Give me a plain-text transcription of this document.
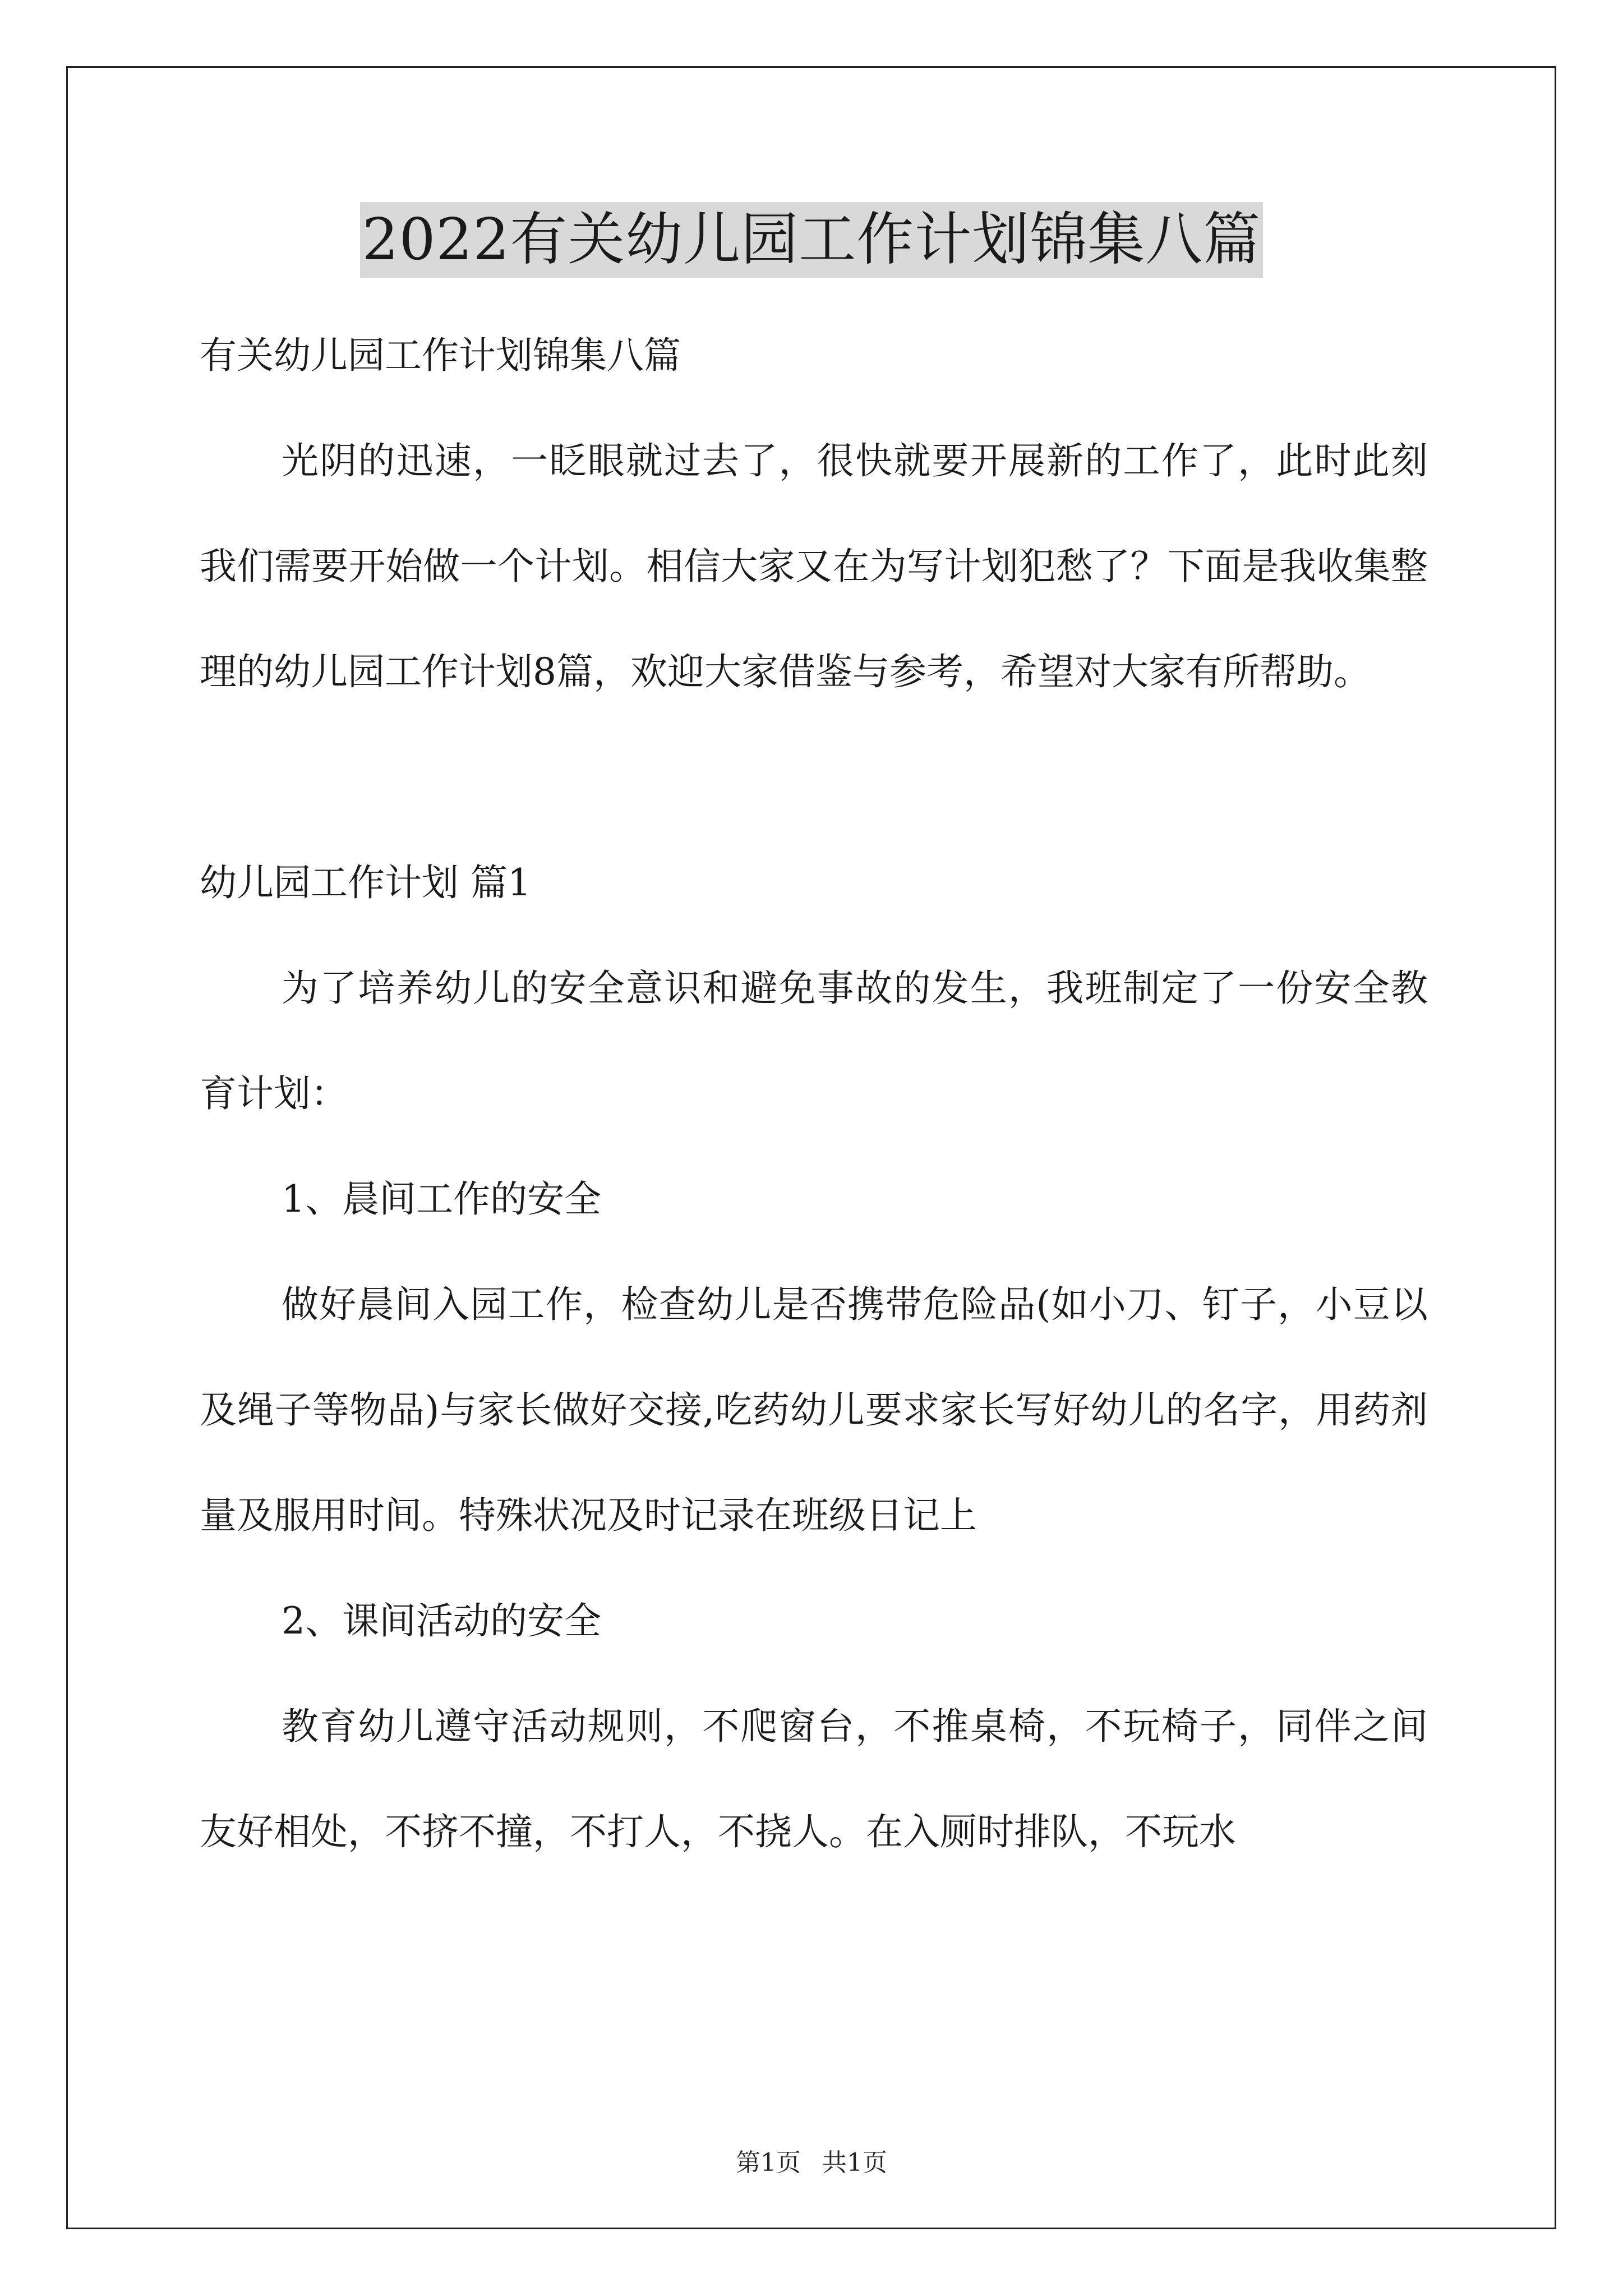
2022有关幼儿园工作计划锦集八篇

有关幼儿园工作计划锦集八篇

光阴的迅速，一眨眼就过去了，很快就要开展新的工作了，此时此刻我们需要开始做一个计划。相信大家又在为写计划犯愁了？下面是我收集整理的幼儿园工作计划8篇，欢迎大家借鉴与参考，希望对大家有所帮助。

幼儿园工作计划 篇1

为了培养幼儿的安全意识和避免事故的发生，我班制定了一份安全教育计划：

1、晨间工作的安全

做好晨间入园工作，检查幼儿是否携带危险品(如小刀、钉子，小豆以及绳子等物品)与家长做好交接,吃药幼儿要求家长写好幼儿的名字，用药剂量及服用时间。特殊状况及时记录在班级日记上

2、课间活动的安全

教育幼儿遵守活动规则，不爬窗台，不推桌椅，不玩椅子，同伴之间友好相处，不挤不撞，不打人，不挠人。在入厕时排队，不玩水

第1页 共1页
